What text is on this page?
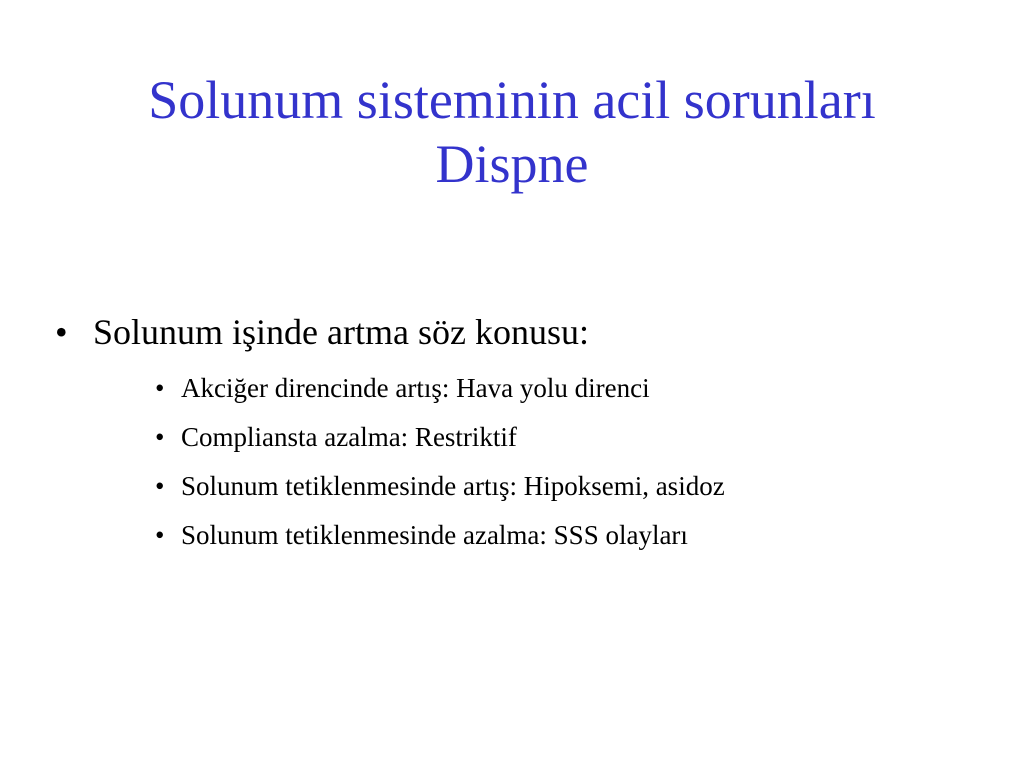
Solunum sisteminin acil sorunları
Dispne
• Solunum işinde artma söz konusu:
• Akciğer direncinde artış: Hava yolu direnci
• Compliansta azalma: Restriktif
• Solunum tetiklenmesinde artış: Hipoksemi, asidoz
• Solunum tetiklenmesinde azalma: SSS olayları
